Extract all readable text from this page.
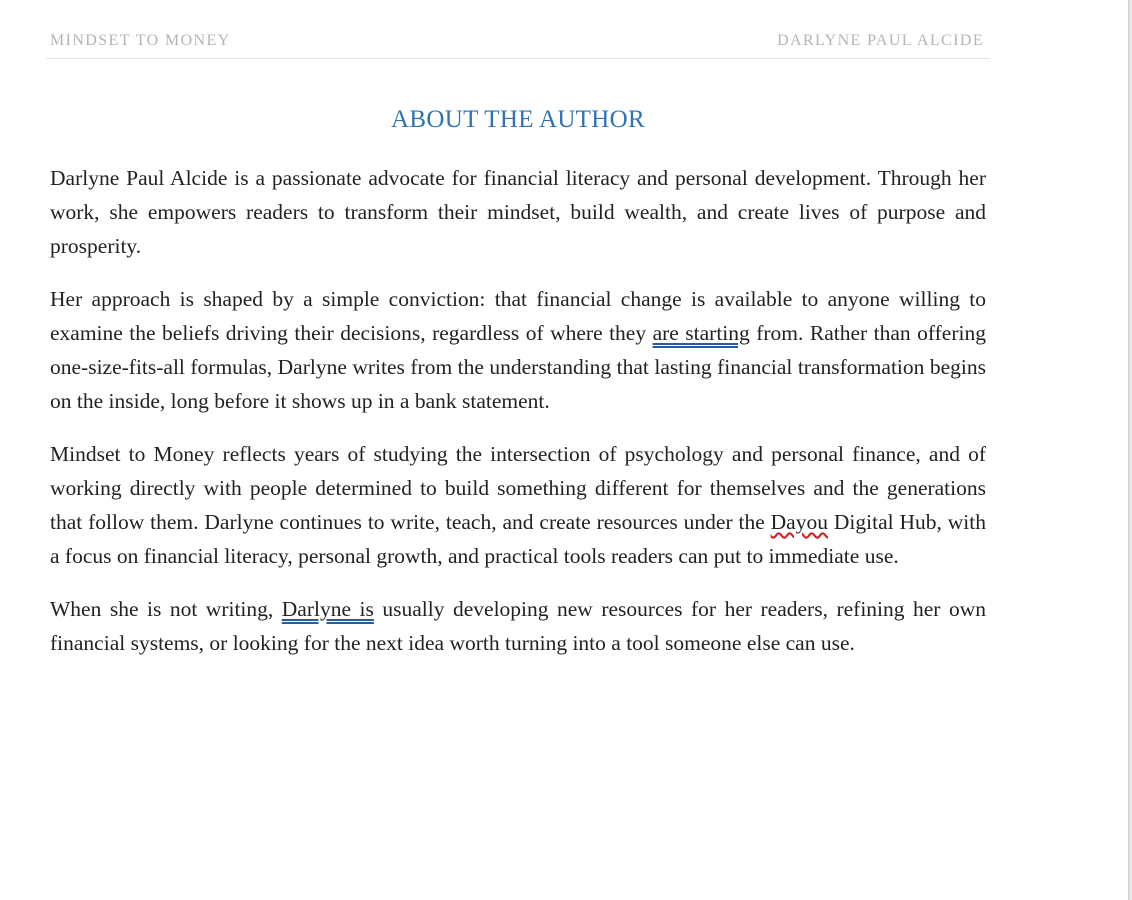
MINDSET TO MONEY	DARLYNE PAUL ALCIDE
ABOUT THE AUTHOR

Darlyne Paul Alcide is a passionate advocate for financial literacy and personal development. Through her work, she empowers readers to transform their mindset, build wealth, and create lives of purpose and prosperity.

Her approach is shaped by a simple conviction: that financial change is available to anyone willing to examine the beliefs driving their decisions, regardless of where they are starting from. Rather than offering one-size-fits-all formulas, Darlyne writes from the understanding that lasting financial transformation begins on the inside, long before it shows up in a bank statement.

Mindset to Money reflects years of studying the intersection of psychology and personal finance, and of working directly with people determined to build something different for themselves and the generations that follow them. Darlyne continues to write, teach, and create resources under the Dayou Digital Hub, with a focus on financial literacy, personal growth, and practical tools readers can put to immediate use.

When she is not writing, Darlyne is usually developing new resources for her readers, refining her own financial systems, or looking for the next idea worth turning into a tool someone else can use.
